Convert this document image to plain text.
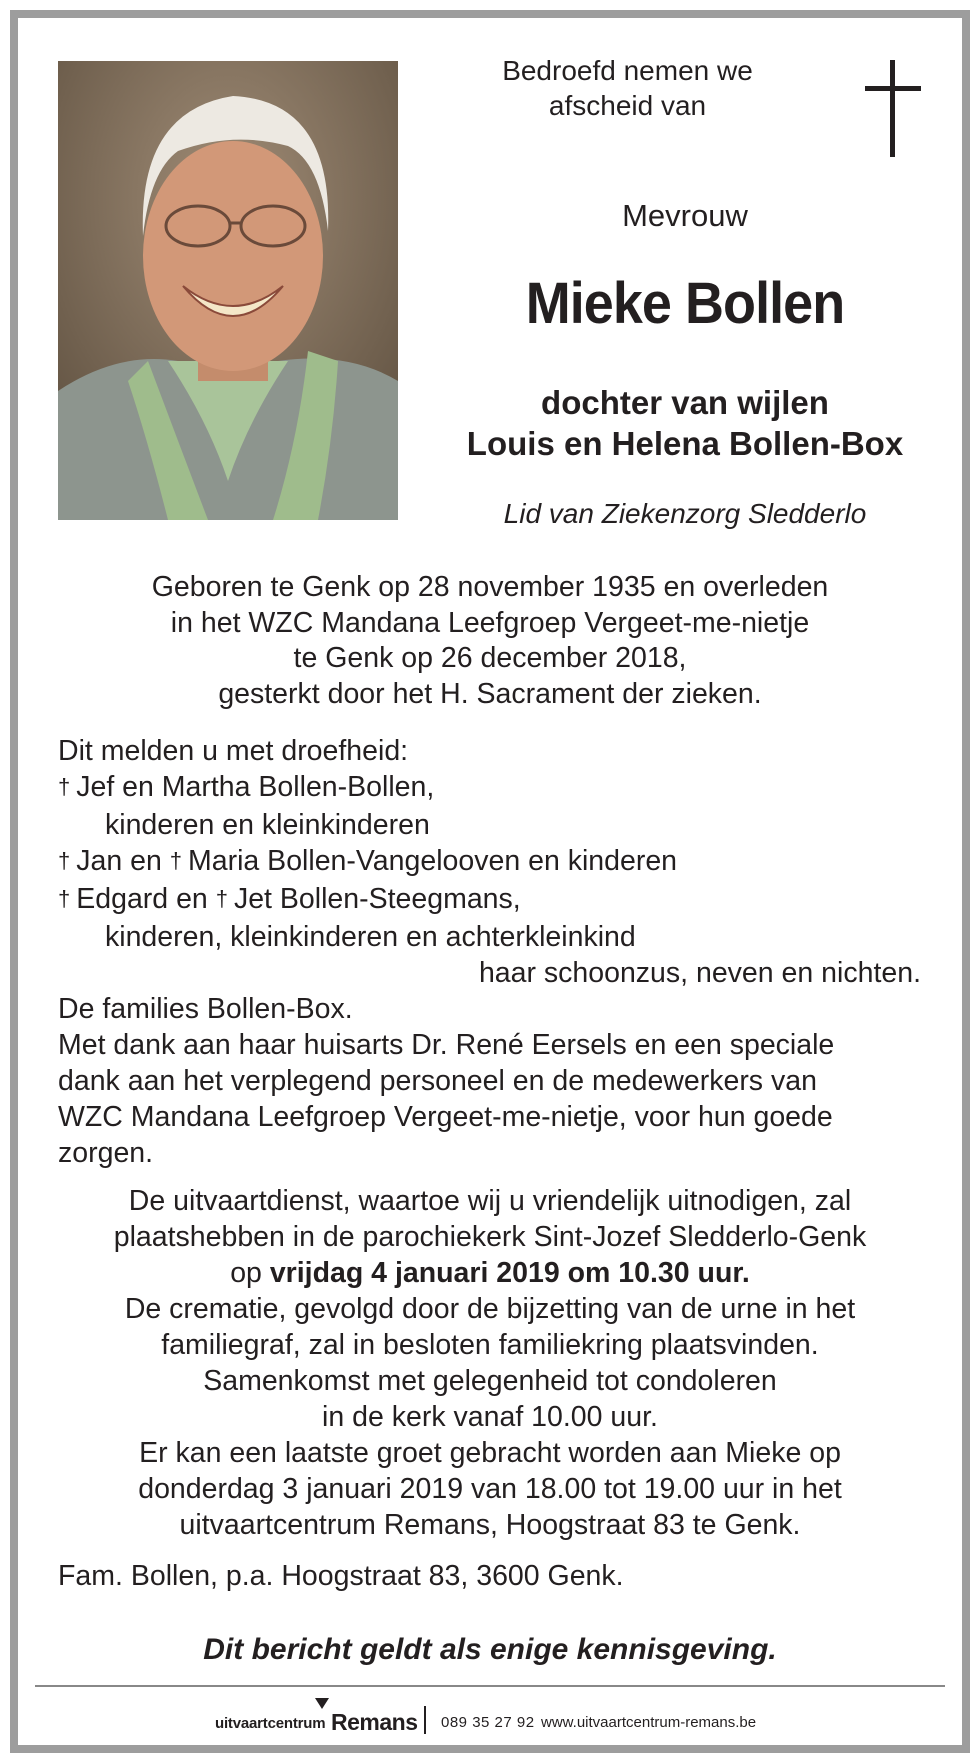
Bedroefd nemen we
afscheid van
Mevrouw
Mieke Bollen
dochter van wijlen
Louis en Helena Bollen-Box
Lid van Ziekenzorg Sledderlo
Geboren te Genk op 28 november 1935 en overleden
in het WZC Mandana Leefgroep Vergeet-me-nietje
te Genk op 26 december 2018,
gesterkt door het H. Sacrament der zieken.
Dit melden u met droefheid:
† Jef en Martha Bollen-Bollen,
kinderen en kleinkinderen
† Jan en † Maria Bollen-Vangelooven en kinderen
† Edgard en † Jet Bollen-Steegmans,
kinderen, kleinkinderen en achterkleinkind
haar schoonzus, neven en nichten.
De families Bollen-Box.
Met dank aan haar huisarts Dr. René Eersels en een speciale
dank aan het verplegend personeel en de medewerkers van
WZC Mandana Leefgroep Vergeet-me-nietje, voor hun goede
zorgen.
De uitvaartdienst, waartoe wij u vriendelijk uitnodigen, zal
plaatshebben in de parochiekerk Sint-Jozef Sledderlo-Genk
op vrijdag 4 januari 2019 om 10.30 uur.
De crematie, gevolgd door de bijzetting van de urne in het
familiegraf, zal in besloten familiekring plaatsvinden.
Samenkomst met gelegenheid tot condoleren
in de kerk vanaf 10.00 uur.
Er kan een laatste groet gebracht worden aan Mieke op
donderdag 3 januari 2019 van 18.00 tot 19.00 uur in het
uitvaartcentrum Remans, Hoogstraat 83 te Genk.
Fam. Bollen, p.a. Hoogstraat 83, 3600 Genk.
Dit bericht geldt als enige kennisgeving.
uitvaartcentrum Remans 089 35 27 92 www.uitvaartcentrum-remans.be
